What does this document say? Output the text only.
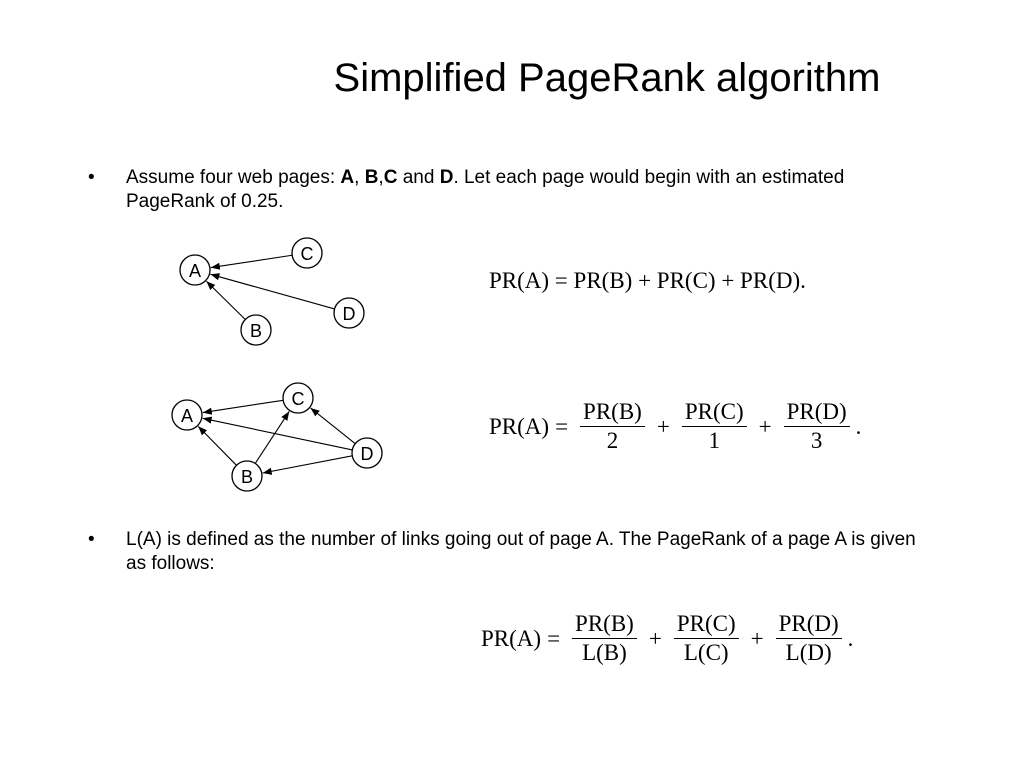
Simplified PageRank algorithm
• Assume four web pages: A, B,C and D. Let each page would begin with an estimated PageRank of 0.25.
A
B
C
D
A
B
C
D
PR(A) = PR(B) + PR(C) + PR(D).
$PR(A) = \frac{PR(B)}{2} + \frac{PR(C)}{1} + \frac{PR(D)}{3}$ .
• L(A) is defined as the number of links going out of page A. The PageRank of a page A is given as follows:
$PR(A) = \frac{PR(B)}{L(B)} + \frac{PR(C)}{L(C)} + \frac{PR(D)}{L(D)}$ .
